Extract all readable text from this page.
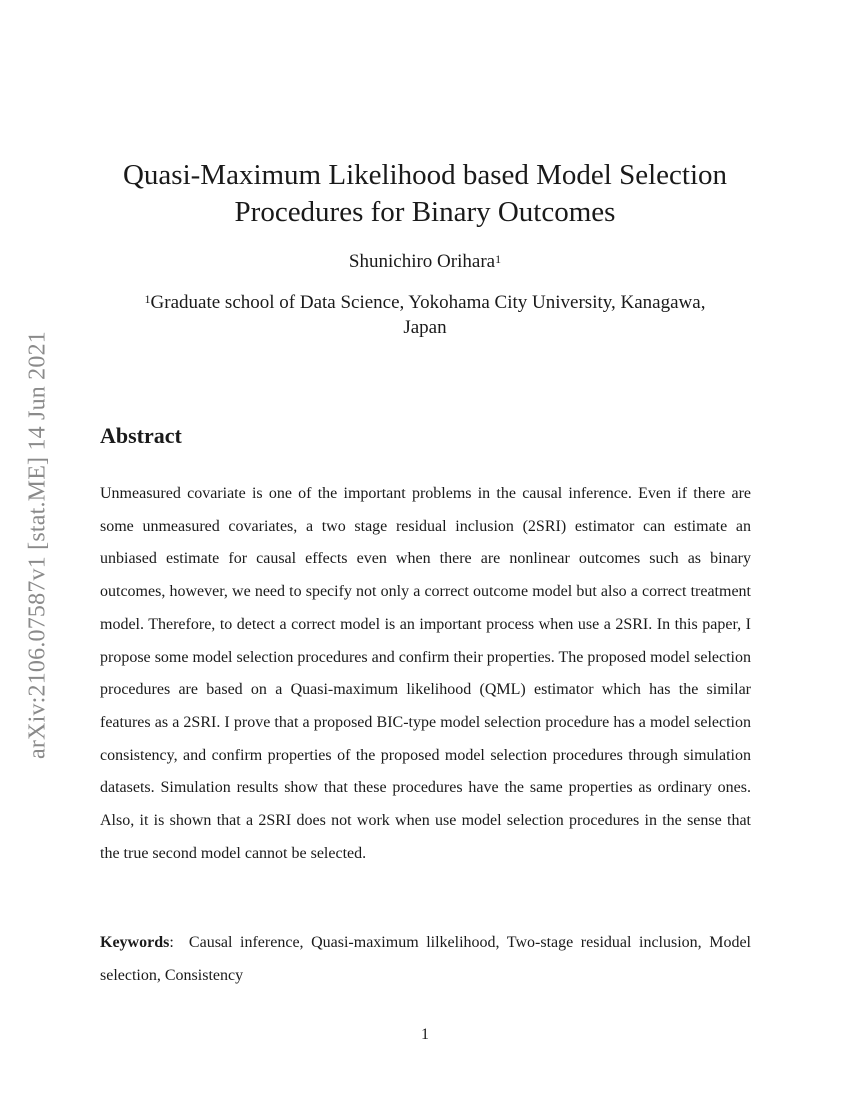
arXiv:2106.07587v1 [stat.ME] 14 Jun 2021
Quasi-Maximum Likelihood based Model Selection
Procedures for Binary Outcomes
Shunichiro Orihara$^1$
$^1$Graduate school of Data Science, Yokohama City University, Kanagawa,
Japan
Abstract

Unmeasured covariate is one of the important problems in the causal inference. Even if there are some unmeasured covariates, a two stage residual inclusion (2SRI) estimator can estimate an unbiased estimate for causal effects even when there are nonlinear outcomes such as binary outcomes, however, we need to specify not only a correct outcome model but also a correct treatment model. Therefore, to detect a correct model is an important process when use a 2SRI. In this paper, I propose some model selection procedures and confirm their properties. The proposed model selection procedures are based on a Quasi-maximum likelihood (QML) estimator which has the similar features as a 2SRI. I prove that a proposed BIC-type model selection procedure has a model selection consistency, and confirm properties of the proposed model selection procedures through simulation datasets. Simulation results show that these procedures have the same properties as ordinary ones. Also, it is shown that a 2SRI does not work when use model selection procedures in the sense that the true second model cannot be selected.

Keywords: Causal inference, Quasi-maximum lilkelihood, Two-stage residual inclusion, Model selection, Consistency

1
